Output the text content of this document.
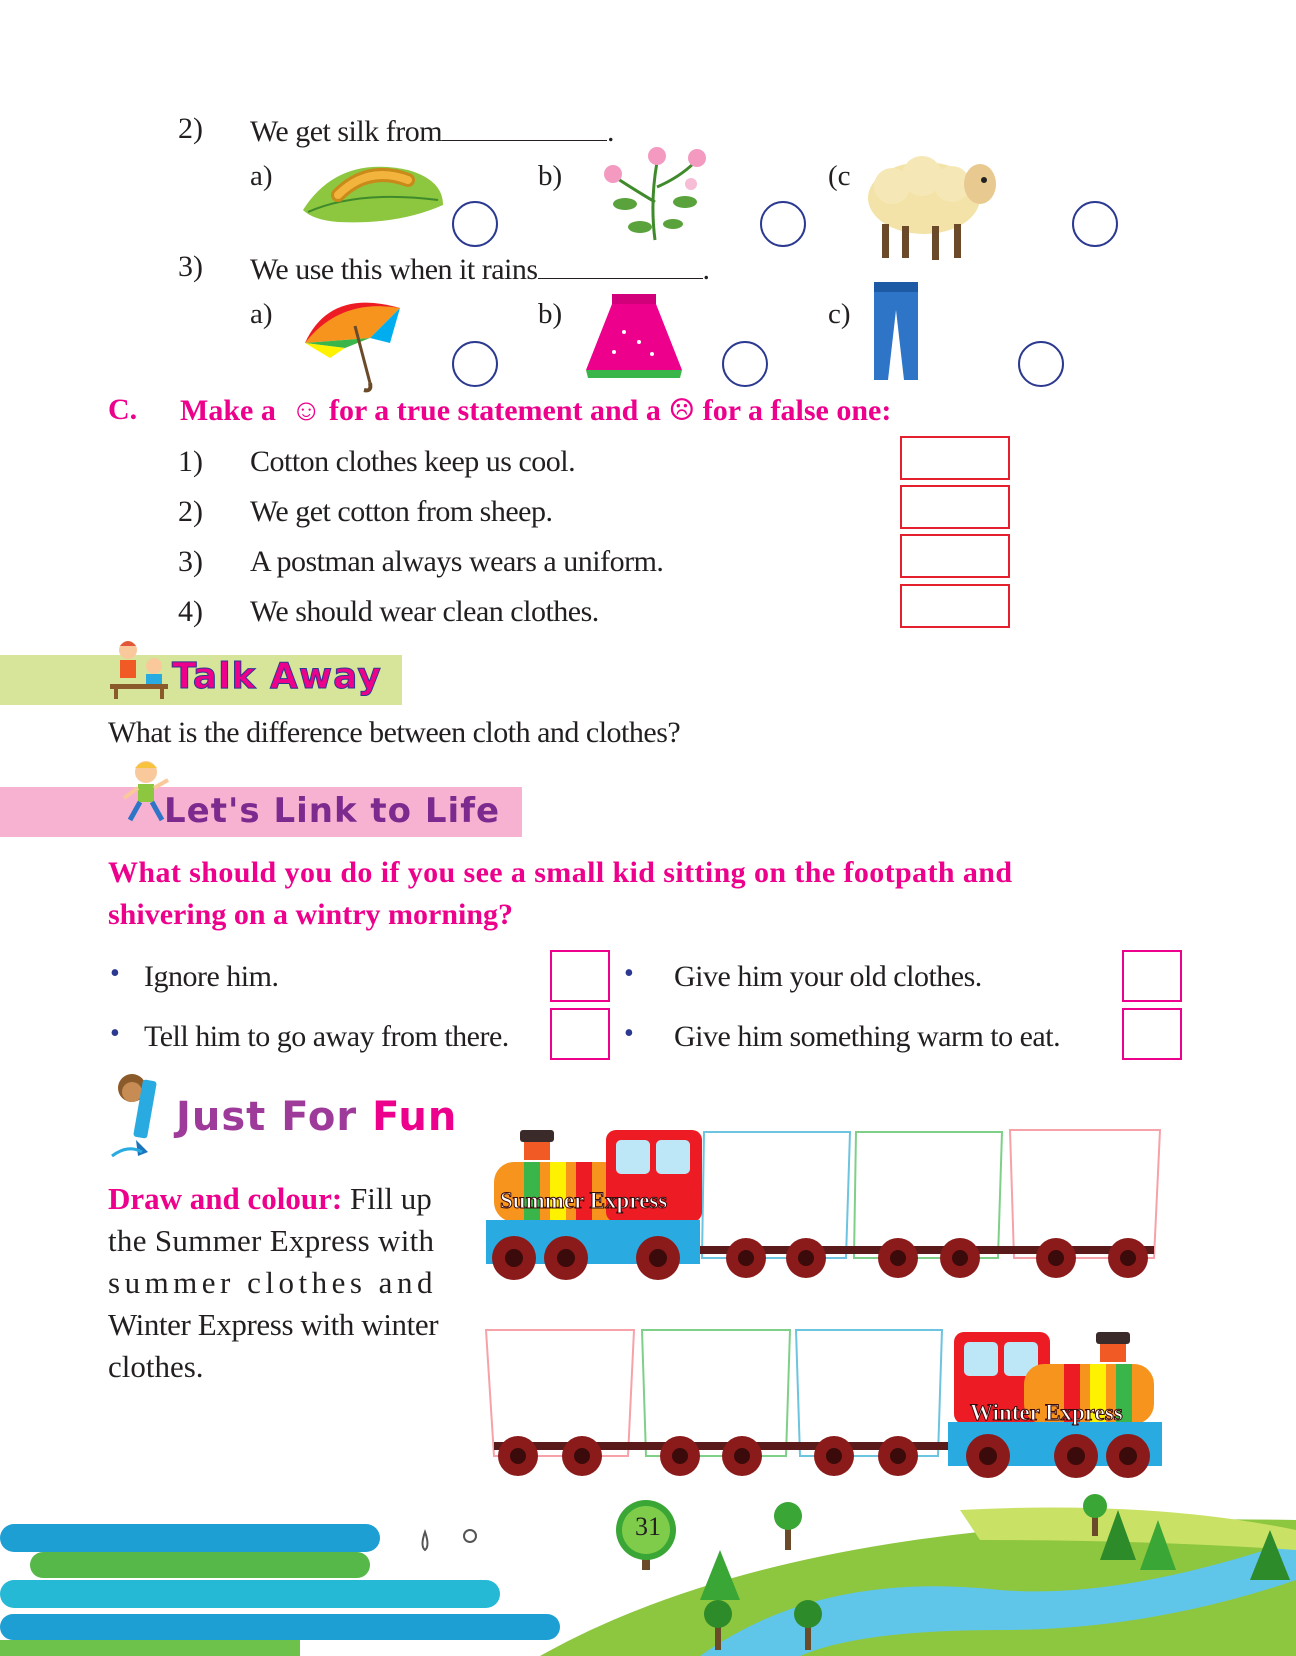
2) We get silk from	.
a)	b)	(c
3) We use this when it rains	.
a)	b)	c)
C. Make a ☺ for a true statement and a ☹ for a false one:
1) Cotton clothes keep us cool.
2) We get cotton from sheep.
3) A postman always wears a uniform.
4) We should wear clean clothes.
Talk Away
What is the difference between cloth and clothes?
Let's Link to Life
What should you do if you see a small kid sitting on the footpath and
shivering on a wintry morning?
• Ignore him.
• Tell him to go away from there.
• Give him your old clothes.
• Give him something warm to eat.
Just For Fun
Draw and colour: Fill up
the Summer Express with
summer clothes and
Winter Express with winter
clothes.
Summer Express
Winter Express
31
